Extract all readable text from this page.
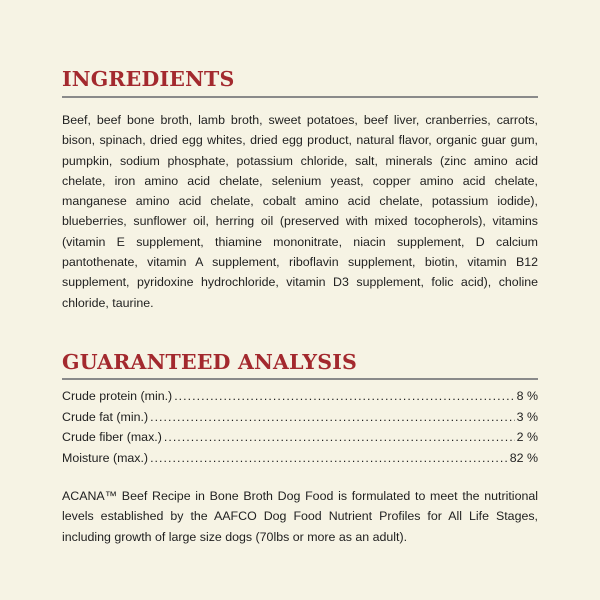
INGREDIENTS

Beef, beef bone broth, lamb broth, sweet potatoes, beef liver, cranberries, carrots, bison, spinach, dried egg whites, dried egg product, natural flavor, organic guar gum, pumpkin, sodium phosphate, potassium chloride, salt, minerals (zinc amino acid chelate, iron amino acid chelate, selenium yeast, copper amino acid chelate, manganese amino acid chelate, cobalt amino acid chelate, potassium iodide), blueberries, sunflower oil, herring oil (preserved with mixed tocopherols), vitamins (vitamin E supplement, thiamine mononitrate, niacin supplement, D calcium pantothenate, vitamin A supplement, riboflavin supplement, biotin, vitamin B12 supplement, pyridoxine hydrochloride, vitamin D3 supplement, folic acid), choline chloride, taurine.

GUARANTEED ANALYSIS
Crude protein (min.) . . .	8 %
Crude fat (min.) . . .	3 %
Crude fiber (max.) . . .	2 %
Moisture (max.) . . .	82 %

ACANA™ Beef Recipe in Bone Broth Dog Food is formulated to meet the nutritional levels established by the AAFCO Dog Food Nutrient Profiles for All Life Stages, including growth of large size dogs (70lbs or more as an adult).
